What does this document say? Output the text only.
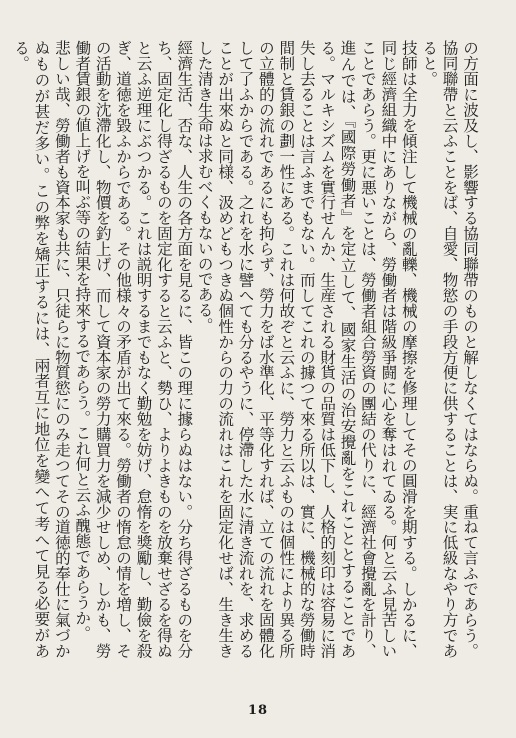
の方面に波及し、影響する協同聯帶のものと解しなくてはならぬ。重ねて言ふであらう。協同聯帶と云ふことをば、自愛、物慾の手段方便に供することは、実に低級なやり方であると。

技師は全力を傾注して機械の亂轢、機械の摩擦を修理してその圓滑を期する。しかるに、同じ經濟組織中にありながら、勞働者は階級爭闘に心を奪はれてゐる。何と云ふ見苦しいことであらう。更に悪いことは、勞働者組合勞資の團結の代りに、經濟社會攪亂を計り、進んでは、『國際勞働者』を定立して、國家生活の治安攪亂をこれこととすることである。マルキシズムを實行せんか、生産される財貨の品質は低下し、人格的刻印は容易に消失し去ることは言ふまでもない。而してこれの據つて來る所以は、實に、機械的な勞働時間制と賃銀の劃一性にある。これは何故ぞと云ふに、勞力と云ふものは個性により異る所の立體的の流れであるにも拘らず、勞力をば水準化、平等化すれば、立ての流れを固體化して了ふからである。之れを水に譬へても分るやうに、停滯した水に清き流れを、求めることが出來ぬと同様、汲めどもつきぬ個性からの力の流れはこれを固定化せば、生き生きした清き生命は求むべくもないのである。

經濟生活、否な、人生の各方面を見るに、皆この理に據らぬはない。分ち得ざるものを分ち、固定化し得ざるものを固定化すると云ふと、勢ひ、よりよきものを放棄せざるを得ぬと云ふ逆理にぶつかる。これは説明するまでもなく勤勉を妨げ、怠惰を獎勵し、勤儉を殺ぎ、道徳を毀ふからである。その他様々の矛盾が出て來る。勞働者の惰怠の情を増し、その活動を沈滯化し、物價を釣上げ、而して資本家の勞力購買力を減少せしめ、しかも、勞働者賃銀の値上げを叫ぶ等の結果を持來するであらう。これ何と云ふ醜態であらうか。

悲しい哉、勞働者も資本家も共に、只徒らに物質慾にのみ走つてその道徳的奉仕に氣づかぬものが甚だ多い。この弊を矯正するには、兩者互に地位を變へて考へて見る必要がある。

18
